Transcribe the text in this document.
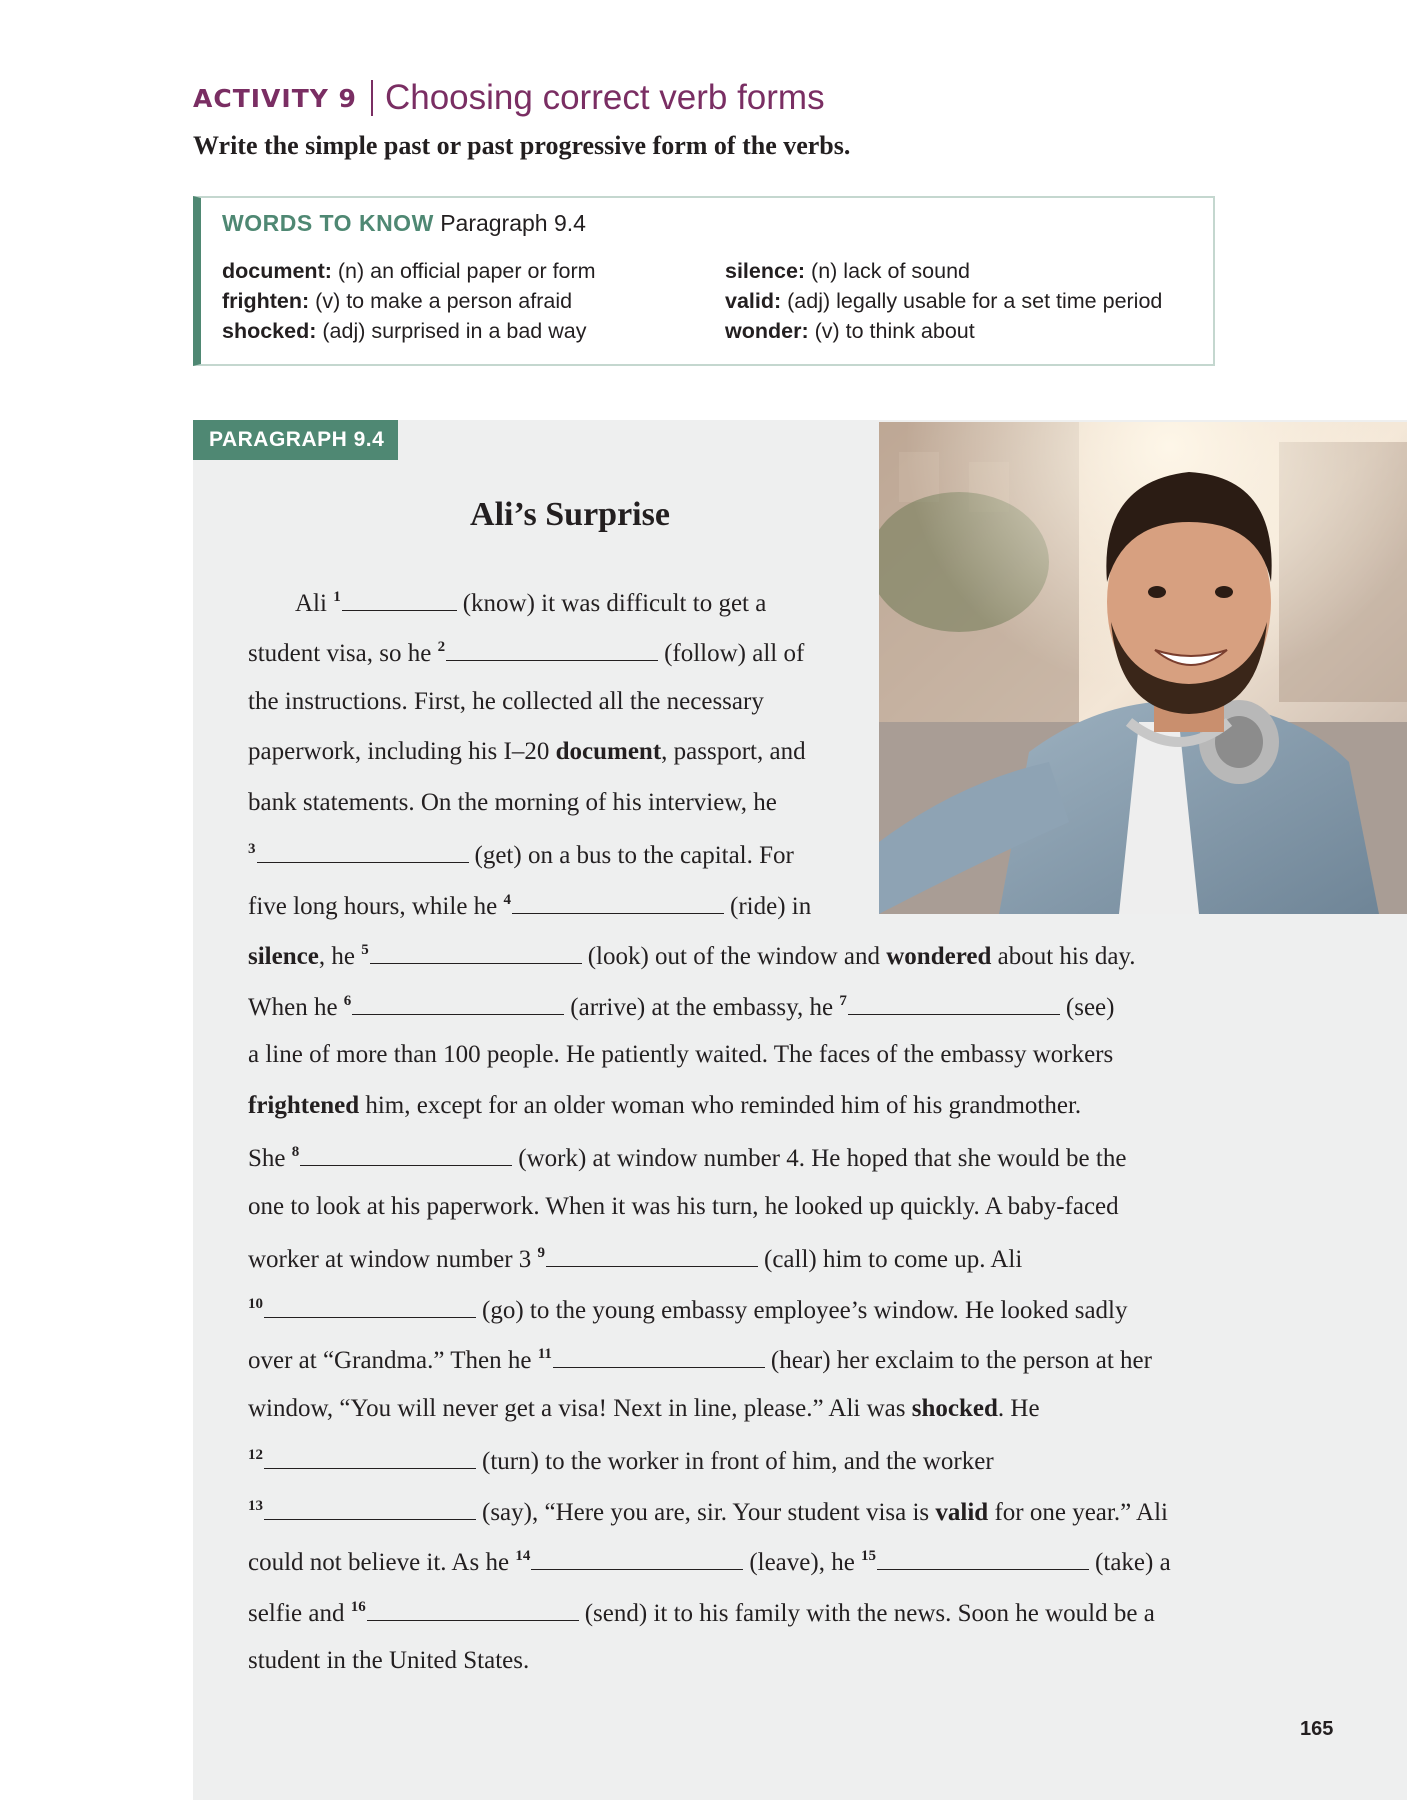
ACTIVITY 9 Choosing correct verb forms
Write the simple past or past progressive form of the verbs.
WORDS TO KNOW Paragraph 9.4
document: (n) an official paper or form
frighten: (v) to make a person afraid
shocked: (adj) surprised in a bad way
silence: (n) lack of sound
valid: (adj) legally usable for a set time period
wonder: (v) to think about
PARAGRAPH 9.4
Ali’s Surprise
Ali $^1$	(know) it was difficult to get a
student visa, so he $^2$	(follow) all of
the instructions. First, he collected all the necessary
paperwork, including his I–20 document, passport, and
bank statements. On the morning of his interview, he
$^3$	(get) on a bus to the capital. For
five long hours, while he $^4$	(ride) in
silence, he $^5$	(look) out of the window and wondered about his day.
When he $^6$	(arrive) at the embassy, he $^7$	(see)
a line of more than 100 people. He patiently waited. The faces of the embassy workers
frightened him, except for an older woman who reminded him of his grandmother.
She $^8$	(work) at window number 4. He hoped that she would be the
one to look at his paperwork. When it was his turn, he looked up quickly. A baby-faced
worker at window number 3 $^9$	(call) him to come up. Ali
$^{10}$	(go) to the young embassy employee’s window. He looked sadly
over at “Grandma.” Then he $^{11}$	(hear) her exclaim to the person at her
window, “You will never get a visa! Next in line, please.” Ali was shocked. He
$^{12}$	(turn) to the worker in front of him, and the worker
$^{13}$	(say), “Here you are, sir. Your student visa is valid for one year.” Ali
could not believe it. As he $^{14}$	(leave), he $^{15}$	(take) a
selfie and $^{16}$	(send) it to his family with the news. Soon he would be a
student in the United States.
165
